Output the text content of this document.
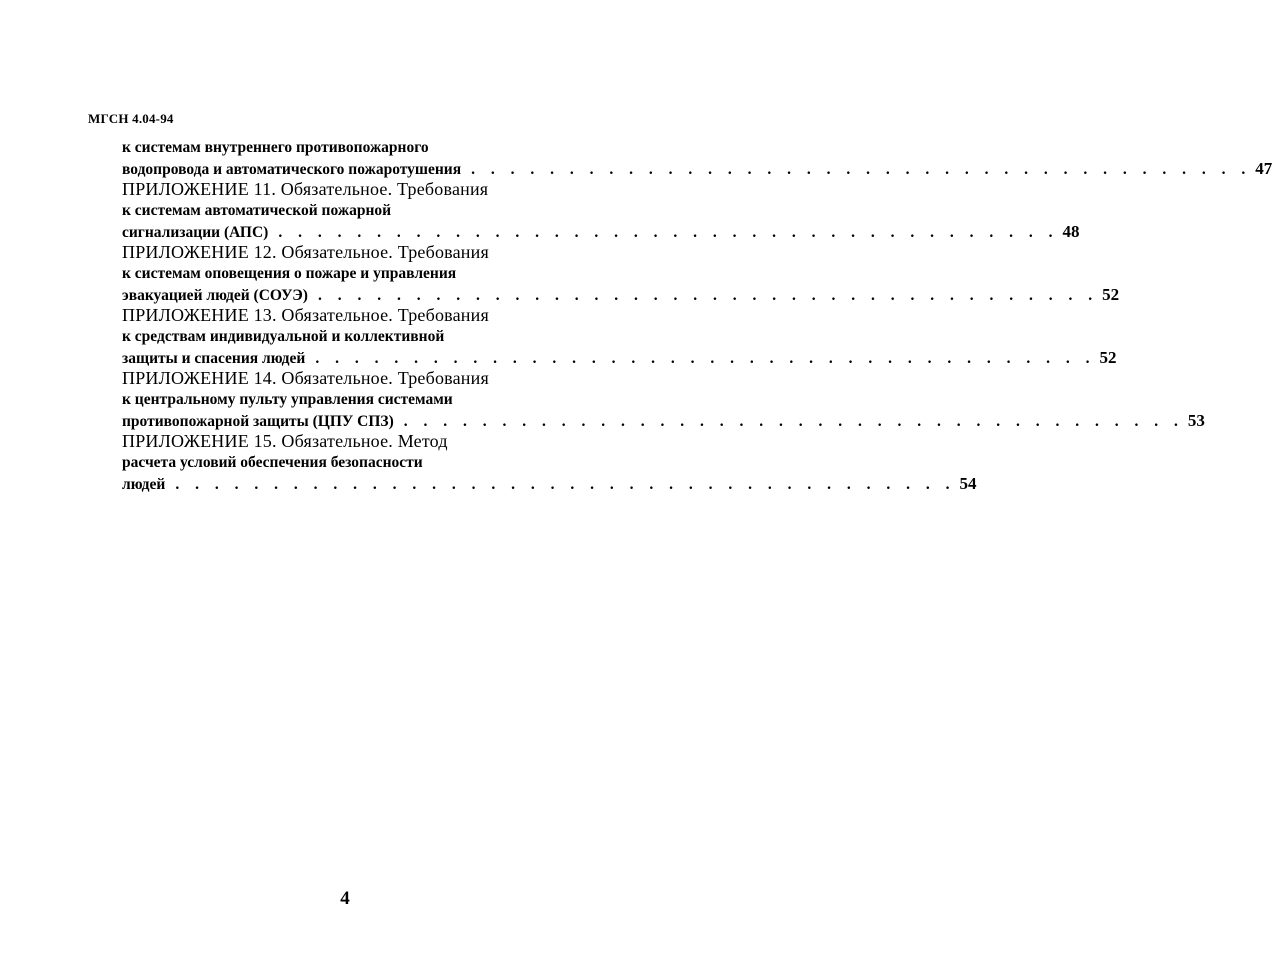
МГСН 4.04-94
к системам внутреннего противопожарного
водопровода и автоматического пожаротушения . . . . . . . . . . . . . . . . . . . . . . . . . . . . . . . . . . . . . . . . 47
ПРИЛОЖЕНИЕ 11. Обязательное. Требования
к системам автоматической пожарной
сигнализации (АПС) . . . . . . . . . . . . . . . . . . . . . . . . . . . . . . . . . . . . . . . . 48
ПРИЛОЖЕНИЕ 12. Обязательное. Требования
к системам оповещения о пожаре и управления
эвакуацией людей (СОУЭ) . . . . . . . . . . . . . . . . . . . . . . . . . . . . . . . . . . . . . . . . 52
ПРИЛОЖЕНИЕ 13. Обязательное. Требования
к средствам индивидуальной и коллективной
защиты и спасения людей . . . . . . . . . . . . . . . . . . . . . . . . . . . . . . . . . . . . . . . . 52
ПРИЛОЖЕНИЕ 14. Обязательное. Требования
к центральному пульту управления системами
противопожарной защиты (ЦПУ СПЗ) . . . . . . . . . . . . . . . . . . . . . . . . . . . . . . . . . . . . . . . . 53
ПРИЛОЖЕНИЕ 15. Обязательное. Метод
расчета условий обеспечения безопасности
людей . . . . . . . . . . . . . . . . . . . . . . . . . . . . . . . . . . . . . . . . 54
4
